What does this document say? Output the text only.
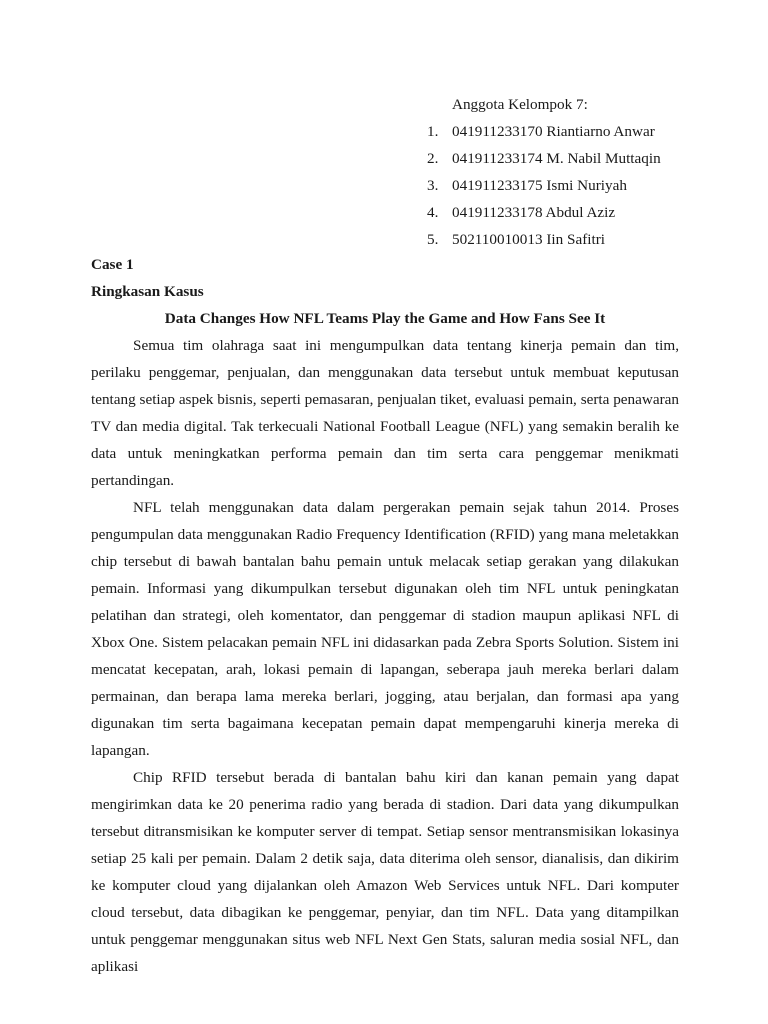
Anggota Kelompok 7:
1. 041911233170 Riantiarno Anwar
2. 041911233174 M. Nabil Muttaqin
3. 041911233175 Ismi Nuriyah
4. 041911233178 Abdul Aziz
5. 502110010013 Iin Safitri
Case 1
Ringkasan Kasus
Data Changes How NFL Teams Play the Game and How Fans See It

Semua tim olahraga saat ini mengumpulkan data tentang kinerja pemain dan tim, perilaku penggemar, penjualan, dan menggunakan data tersebut untuk membuat keputusan tentang setiap aspek bisnis, seperti pemasaran, penjualan tiket, evaluasi pemain, serta penawaran TV dan media digital. Tak terkecuali National Football League (NFL) yang semakin beralih ke data untuk meningkatkan performa pemain dan tim serta cara penggemar menikmati pertandingan.

NFL telah menggunakan data dalam pergerakan pemain sejak tahun 2014. Proses pengumpulan data menggunakan Radio Frequency Identification (RFID) yang mana meletakkan chip tersebut di bawah bantalan bahu pemain untuk melacak setiap gerakan yang dilakukan pemain. Informasi yang dikumpulkan tersebut digunakan oleh tim NFL untuk peningkatan pelatihan dan strategi, oleh komentator, dan penggemar di stadion maupun aplikasi NFL di Xbox One. Sistem pelacakan pemain NFL ini didasarkan pada Zebra Sports Solution. Sistem ini mencatat kecepatan, arah, lokasi pemain di lapangan, seberapa jauh mereka berlari dalam permainan, dan berapa lama mereka berlari, jogging, atau berjalan, dan formasi apa yang digunakan tim serta bagaimana kecepatan pemain dapat mempengaruhi kinerja mereka di lapangan.

Chip RFID tersebut berada di bantalan bahu kiri dan kanan pemain yang dapat mengirimkan data ke 20 penerima radio yang berada di stadion. Dari data yang dikumpulkan tersebut ditransmisikan ke komputer server di tempat. Setiap sensor mentransmisikan lokasinya setiap 25 kali per pemain. Dalam 2 detik saja, data diterima oleh sensor, dianalisis, dan dikirim ke komputer cloud yang dijalankan oleh Amazon Web Services untuk NFL. Dari komputer cloud tersebut, data dibagikan ke penggemar, penyiar, dan tim NFL. Data yang ditampilkan untuk penggemar menggunakan situs web NFL Next Gen Stats, saluran media sosial NFL, dan aplikasi
